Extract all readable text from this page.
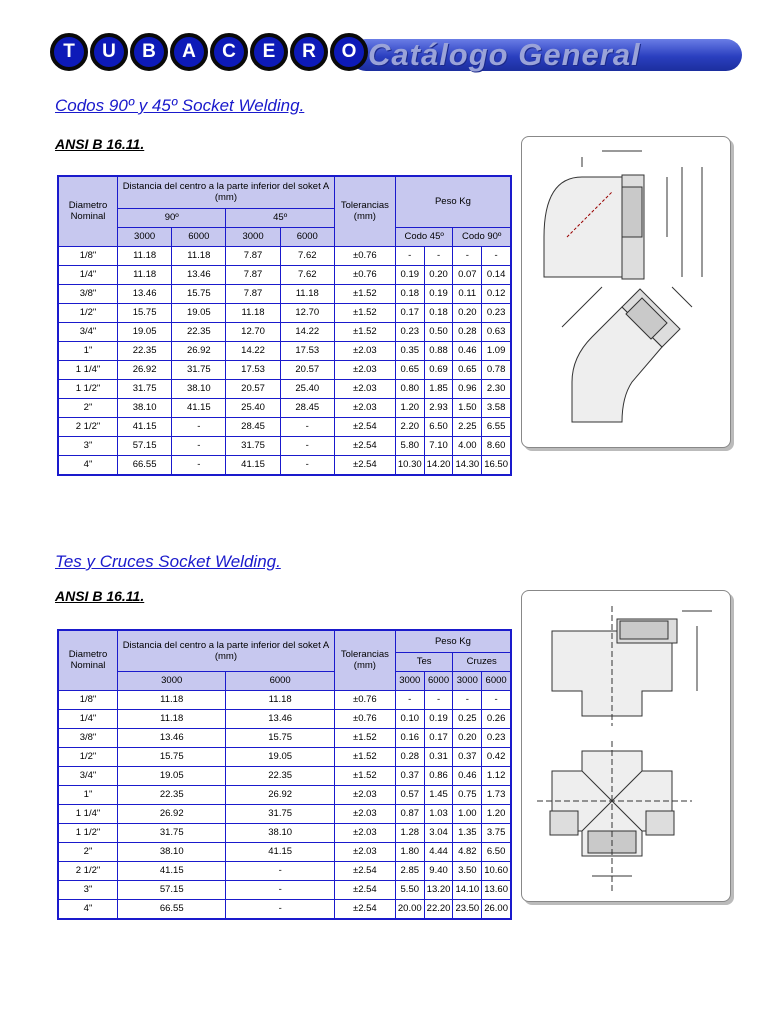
T	U	B	A	C	E	R	O Catálogo General
Codos 90º y 45º Socket Welding.
ANSI B 16.11.
Diametro Nominal	Distancia del centro a la parte inferior del soket A (mm)				Tolerancias (mm)	Peso Kg			
	90º		45º						
	3000	6000	3000	6000		Codo 45º		Codo 90º	

1/8"	11.18	11.18	7.87	7.62	±0.76	-	-	-	-
1/4"	11.18	13.46	7.87	7.62	±0.76	0.19	0.20	0.07	0.14
3/8"	13.46	15.75	7.87	11.18	±1.52	0.18	0.19	0.11	0.12
1/2"	15.75	19.05	11.18	12.70	±1.52	0.17	0.18	0.20	0.23
3/4"	19.05	22.35	12.70	14.22	±1.52	0.23	0.50	0.28	0.63
1"	22.35	26.92	14.22	17.53	±2.03	0.35	0.88	0.46	1.09
1 1/4"	26.92	31.75	17.53	20.57	±2.03	0.65	0.69	0.65	0.78
1 1/2"	31.75	38.10	20.57	25.40	±2.03	0.80	1.85	0.96	2.30
2"	38.10	41.15	25.40	28.45	±2.03	1.20	2.93	1.50	3.58
2 1/2"	41.15	-	28.45	-	±2.54	2.20	6.50	2.25	6.55
3"	57.15	-	31.75	-	±2.54	5.80	7.10	4.00	8.60
4"	66.55	-	41.15	-	±2.54	10.30	14.20	14.30	16.50
Tes y Cruces Socket Welding.
ANSI B 16.11.
Diametro Nominal	Distancia del centro a la parte inferior del soket A (mm)		Tolerancias (mm)	Peso Kg			
				Tes		Cruzes	
	3000	6000		3000	6000	3000	6000
1/8"	11.18	11.18	±0.76	-	-	-	-
1/4"	11.18	13.46	±0.76	0.10	0.19	0.25	0.26
3/8"	13.46	15.75	±1.52	0.16	0.17	0.20	0.23
1/2"	15.75	19.05	±1.52	0.28	0.31	0.37	0.42
3/4"	19.05	22.35	±1.52	0.37	0.86	0.46	1.12
1"	22.35	26.92	±2.03	0.57	1.45	0.75	1.73
1 1/4"	26.92	31.75	±2.03	0.87	1.03	1.00	1.20
1 1/2"	31.75	38.10	±2.03	1.28	3.04	1.35	3.75
2"	38.10	41.15	±2.03	1.80	4.44	4.82	6.50
2 1/2"	41.15	-	±2.54	2.85	9.40	3.50	10.60
3"	57.15	-	±2.54	5.50	13.20	14.10	13.60
4"	66.55	-	±2.54	20.00	22.20	23.50	26.00
